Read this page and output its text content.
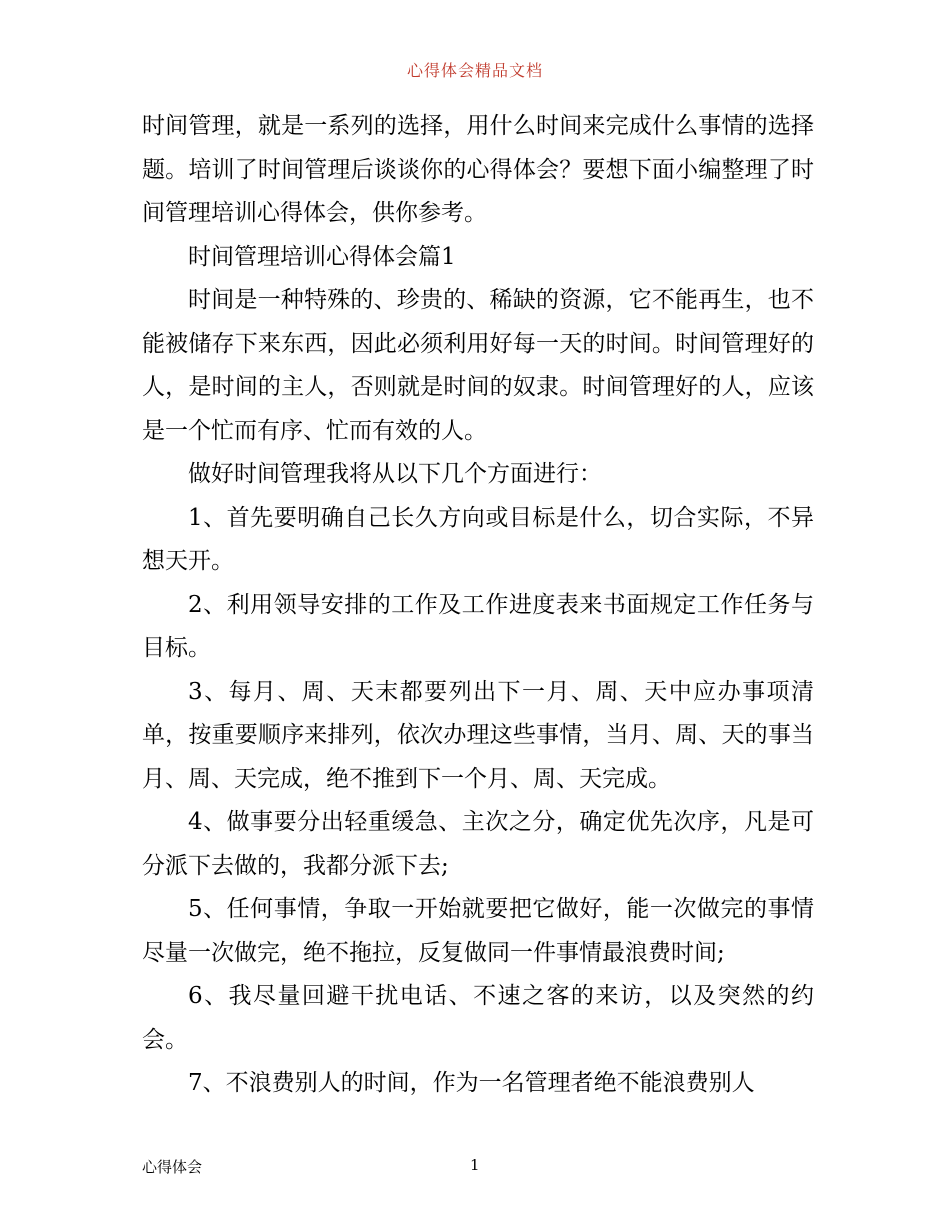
心得体会精品文档

时间管理，就是一系列的选择，用什么时间来完成什么事情的选择题。培训了时间管理后谈谈你的心得体会？要想下面小编整理了时间管理培训心得体会，供你参考。

时间管理培训心得体会篇1

时间是一种特殊的、珍贵的、稀缺的资源，它不能再生，也不能被储存下来东西，因此必须利用好每一天的时间。时间管理好的人，是时间的主人，否则就是时间的奴隶。时间管理好的人，应该是一个忙而有序、忙而有效的人。

做好时间管理我将从以下几个方面进行：

1、首先要明确自己长久方向或目标是什么，切合实际，不异想天开。

2、利用领导安排的工作及工作进度表来书面规定工作任务与目标。

3、每月、周、天末都要列出下一月、周、天中应办事项清单，按重要顺序来排列，依次办理这些事情，当月、周、天的事当月、周、天完成，绝不推到下一个月、周、天完成。

4、做事要分出轻重缓急、主次之分，确定优先次序，凡是可分派下去做的，我都分派下去;

5、任何事情，争取一开始就要把它做好，能一次做完的事情尽量一次做完，绝不拖拉，反复做同一件事情最浪费时间;

6、我尽量回避干扰电话、不速之客的来访，以及突然的约会。

7、不浪费别人的时间，作为一名管理者绝不能浪费别人

心得体会	1
